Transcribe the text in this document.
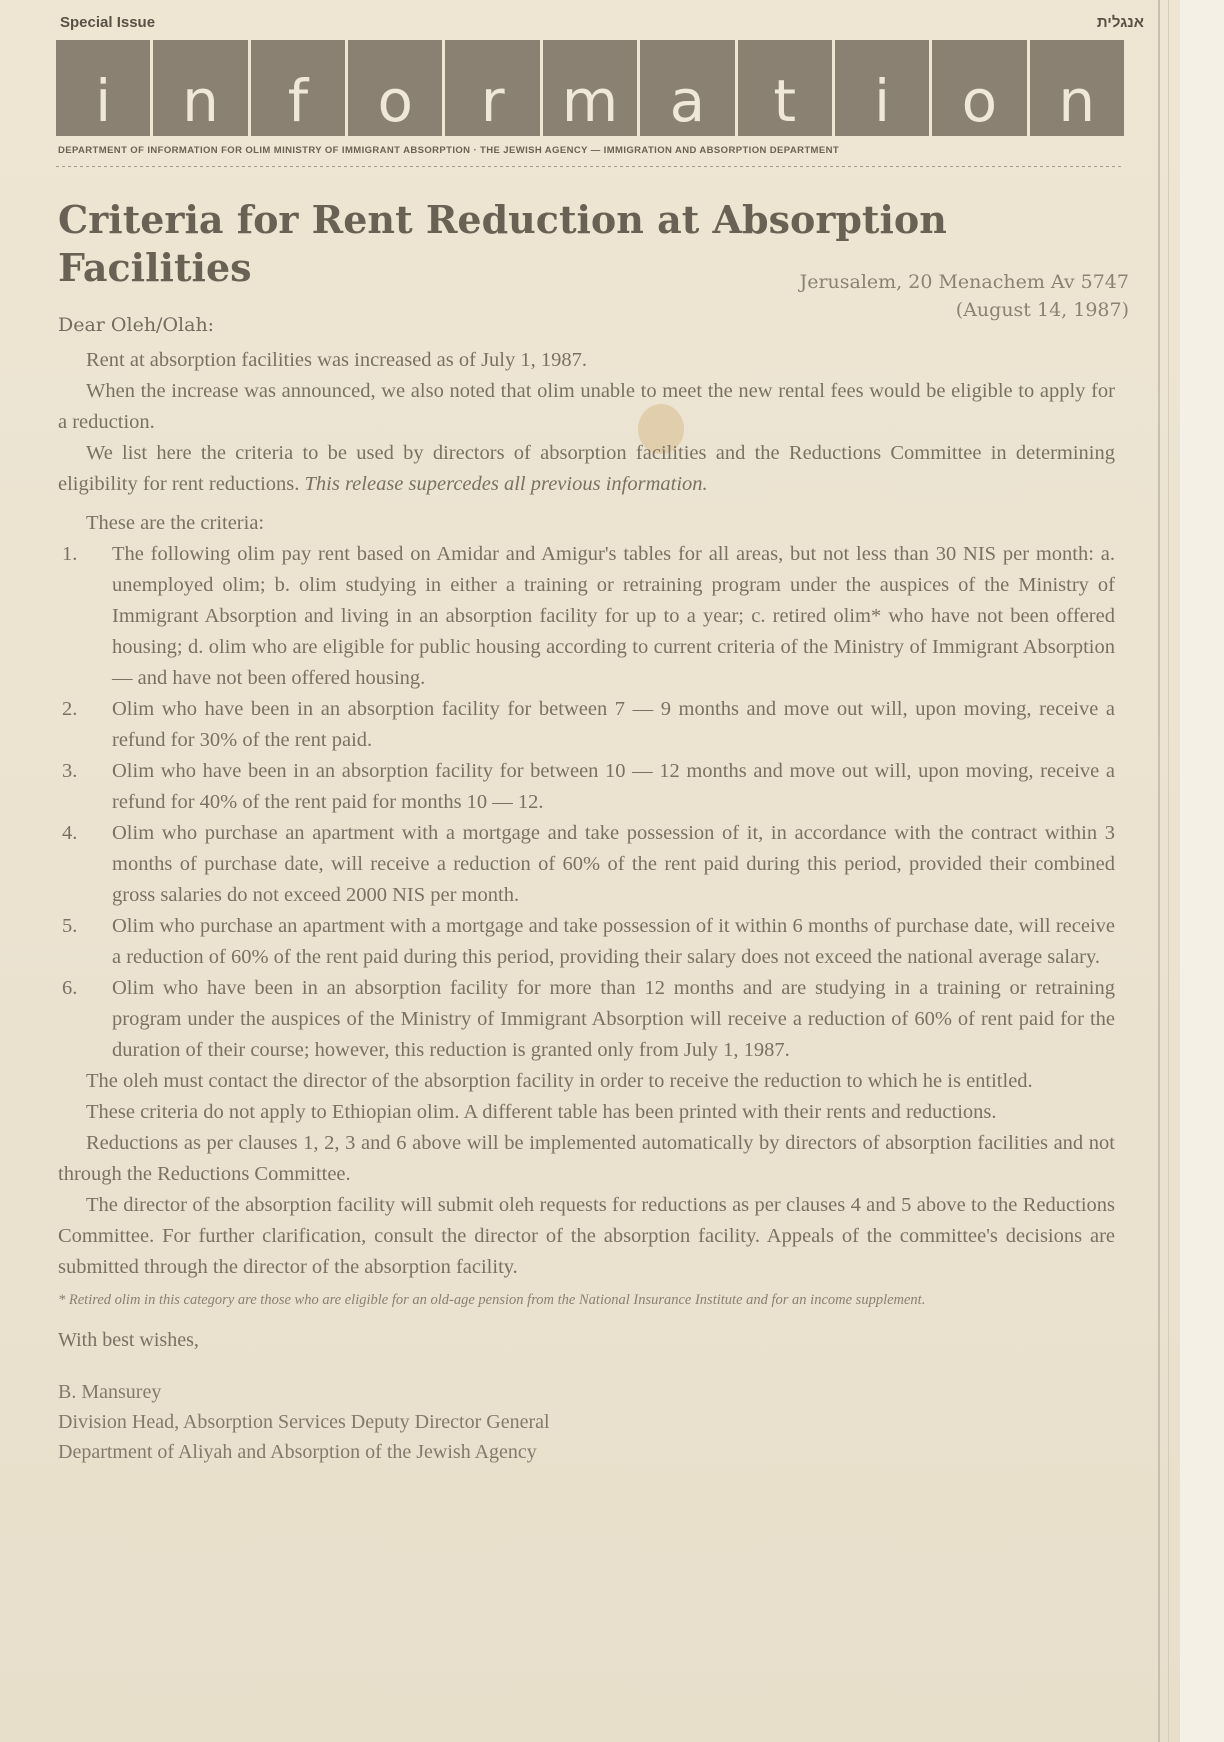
Special Issue	אנגלית
i n f o r m a t i o n
DEPARTMENT OF INFORMATION FOR OLIM MINISTRY OF IMMIGRANT ABSORPTION · THE JEWISH AGENCY — IMMIGRATION AND ABSORPTION DEPARTMENT
Criteria for Rent Reduction at Absorption Facilities	Jerusalem, 20 Menachem Av 5747
(August 14, 1987)
Dear Oleh/Olah:

Rent at absorption facilities was increased as of July 1, 1987.

When the increase was announced, we also noted that olim unable to meet the new rental fees would be eligible to apply for a reduction.

We list here the criteria to be used by directors of absorption facilities and the Reductions Committee in determining eligibility for rent reductions. This release supercedes all previous information.

These are the criteria:

1. The following olim pay rent based on Amidar and Amigur's tables for all areas, but not less than 30 NIS per month: a. unemployed olim; b. olim studying in either a training or retraining program under the auspices of the Ministry of Immigrant Absorption and living in an absorption facility for up to a year; c. retired olim* who have not been offered housing; d. olim who are eligible for public housing according to current criteria of the Ministry of Immigrant Absorption — and have not been offered housing.
2. Olim who have been in an absorption facility for between 7 — 9 months and move out will, upon moving, receive a refund for 30% of the rent paid.
3. Olim who have been in an absorption facility for between 10 — 12 months and move out will, upon moving, receive a refund for 40% of the rent paid for months 10 — 12.
4. Olim who purchase an apartment with a mortgage and take possession of it, in accordance with the contract within 3 months of purchase date, will receive a reduction of 60% of the rent paid during this period, provided their combined gross salaries do not exceed 2000 NIS per month.
5. Olim who purchase an apartment with a mortgage and take possession of it within 6 months of purchase date, will receive a reduction of 60% of the rent paid during this period, providing their salary does not exceed the national average salary.
6. Olim who have been in an absorption facility for more than 12 months and are studying in a training or retraining program under the auspices of the Ministry of Immigrant Absorption will receive a reduction of 60% of rent paid for the duration of their course; however, this reduction is granted only from July 1, 1987.

The oleh must contact the director of the absorption facility in order to receive the reduction to which he is entitled.

These criteria do not apply to Ethiopian olim. A different table has been printed with their rents and reductions.

Reductions as per clauses 1, 2, 3 and 6 above will be implemented automatically by directors of absorption facilities and not through the Reductions Committee.

The director of the absorption facility will submit oleh requests for reductions as per clauses 4 and 5 above to the Reductions Committee. For further clarification, consult the director of the absorption facility. Appeals of the committee's decisions are submitted through the director of the absorption facility.

* Retired olim in this category are those who are eligible for an old-age pension from the National Insurance Institute and for an income supplement.
With best wishes,
B. Mansurey
Division Head, Absorption Services Deputy Director General
Department of Aliyah and Absorption of the Jewish Agency
